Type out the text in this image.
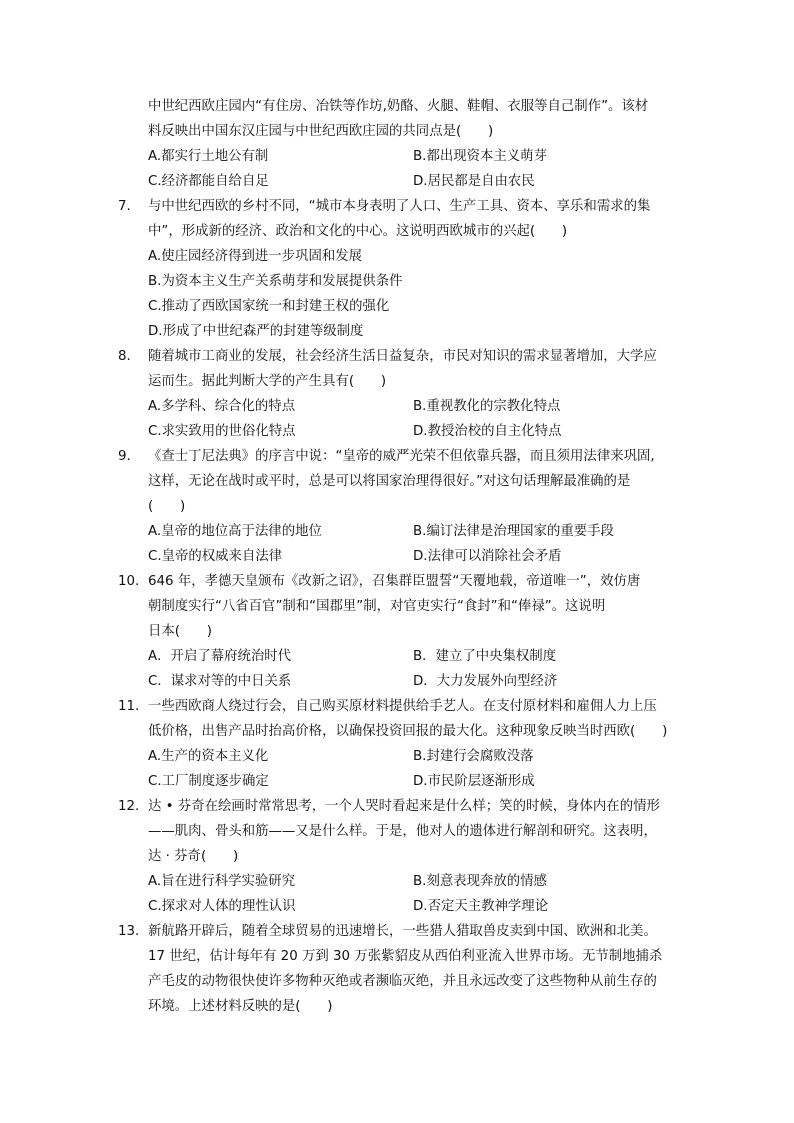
中世纪西欧庄园内“有住房、冶铁等作坊,奶酪、火腿、鞋帽、衣服等自己制作”。该材
料反映出中国东汉庄园与中世纪西欧庄园的共同点是(　　)
A.都实行土地公有制	B.都出现资本主义萌芽
C.经济都能自给自足	D.居民都是自由农民
7. 与中世纪西欧的乡村不同，“城市本身表明了人口、生产工具、资本、享乐和需求的集
中”，形成新的经济、政治和文化的中心。这说明西欧城市的兴起(　　)
A.使庄园经济得到进一步巩固和发展
B.为资本主义生产关系萌芽和发展提供条件
C.推动了西欧国家统一和封建王权的强化
D.形成了中世纪森严的封建等级制度
8. 随着城市工商业的发展，社会经济生活日益复杂，市民对知识的需求显著增加，大学应
运而生。据此判断大学的产生具有(　　)
A.多学科、综合化的特点	B.重视教化的宗教化特点
C.求实致用的世俗化特点	D.教授治校的自主化特点
9. 《查士丁尼法典》的序言中说：“皇帝的威严光荣不但依靠兵器，而且须用法律来巩固,
这样，无论在战时或平时，总是可以将国家治理得很好。”对这句话理解最准确的是
(　　)
A.皇帝的地位高于法律的地位	B.编订法律是治理国家的重要手段
C.皇帝的权威来自法律	D.法律可以消除社会矛盾
10. 646 年，孝德天皇颁布《改新之诏》，召集群臣盟誓“天覆地载，帝道唯一”，效仿唐
朝制度实行“八省百官”制和“国郡里”制，对官吏实行“食封”和“俸禄”。这说明
日本(　　)
A．开启了幕府统治时代	B．建立了中央集权制度
C．谋求对等的中日关系	D．大力发展外向型经济
11. 一些西欧商人绕过行会，自己购买原材料提供给手艺人。在支付原材料和雇佣人力上压
低价格，出售产品时抬高价格，以确保投资回报的最大化。这种现象反映当时西欧(　　)
A.生产的资本主义化	B.封建行会腐败没落
C.工厂制度逐步确定	D.市民阶层逐渐形成
12. 达 • 芬奇在绘画时常常思考，一个人哭时看起来是什么样；笑的时候，身体内在的情形
——肌肉、骨头和筋——又是什么样。于是，他对人的遗体进行解剖和研究。这表明，
达 · 芬奇(　　)
A.旨在进行科学实验研究	B.刻意表现奔放的情感
C.探求对人体的理性认识	D.否定天主教神学理论
13. 新航路开辟后，随着全球贸易的迅速增长，一些猎人猎取兽皮卖到中国、欧洲和北美。
17 世纪，估计每年有 20 万到 30 万张紫貂皮从西伯利亚流入世界市场。无节制地捕杀
产毛皮的动物很快使许多物种灭绝或者濒临灭绝，并且永远改变了这些物种从前生存的
环境。上述材料反映的是(　　)
